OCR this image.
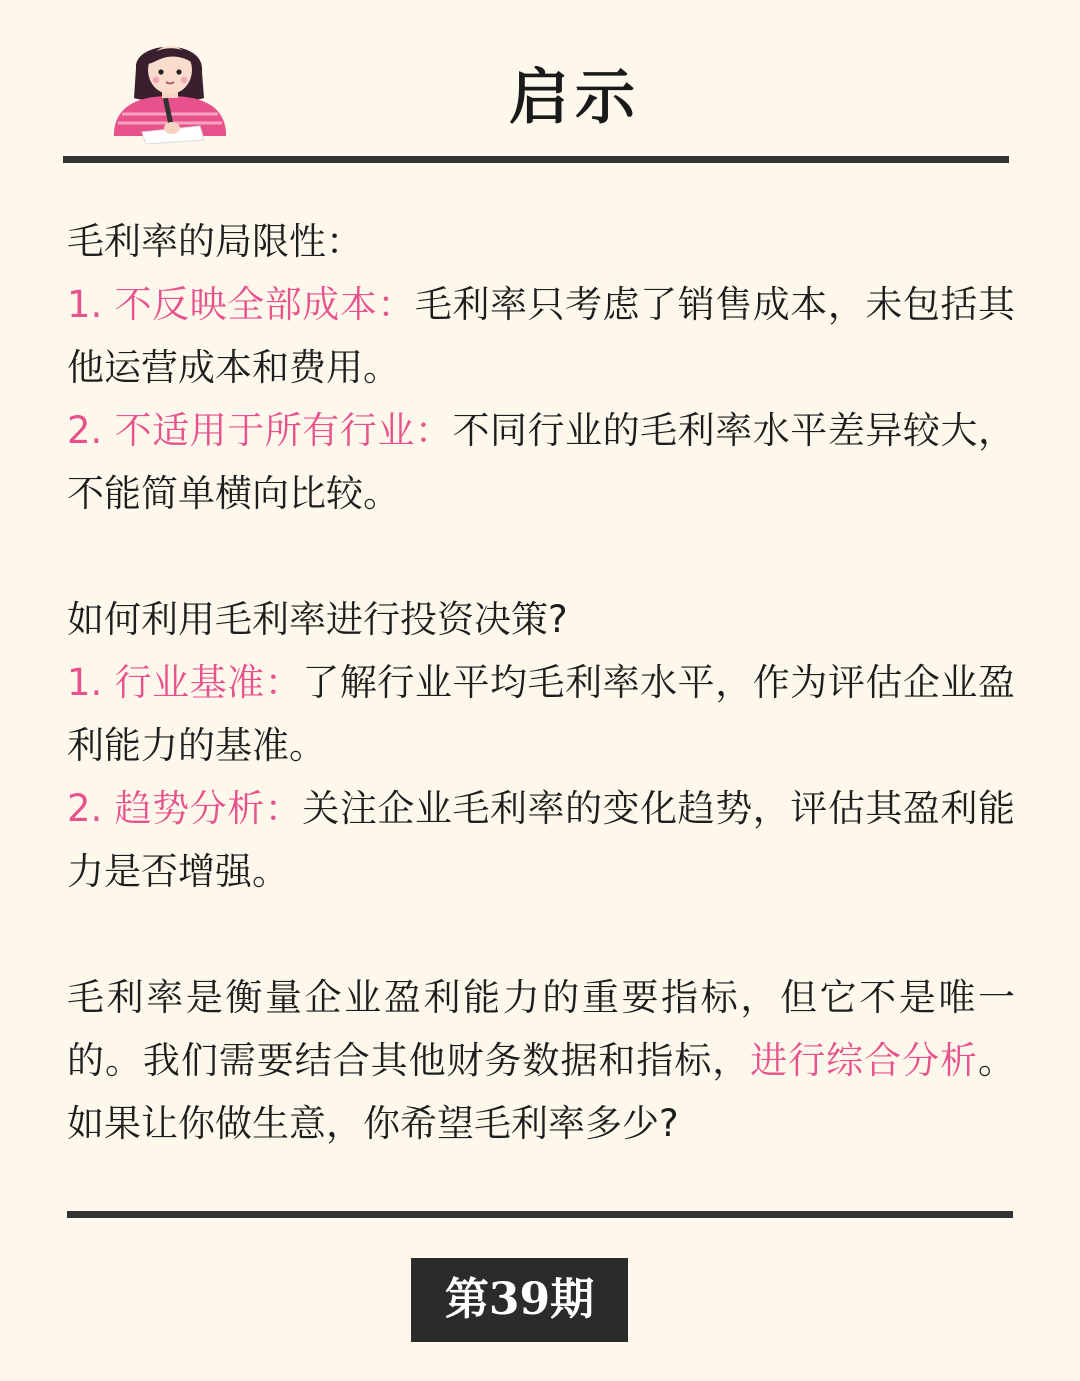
启示

毛利率的局限性：

1. 不反映全部成本：毛利率只考虑了销售成本，未包括其他运营成本和费用。

2. 不适用于所有行业：不同行业的毛利率水平差异较大，不能简单横向比较。

如何利用毛利率进行投资决策?

1. 行业基准：了解行业平均毛利率水平，作为评估企业盈利能力的基准。

2. 趋势分析：关注企业毛利率的变化趋势，评估其盈利能力是否增强。

毛利率是衡量企业盈利能力的重要指标，但它不是唯一的。我们需要结合其他财务数据和指标，进行综合分析。如果让你做生意，你希望毛利率多少?

第39期
